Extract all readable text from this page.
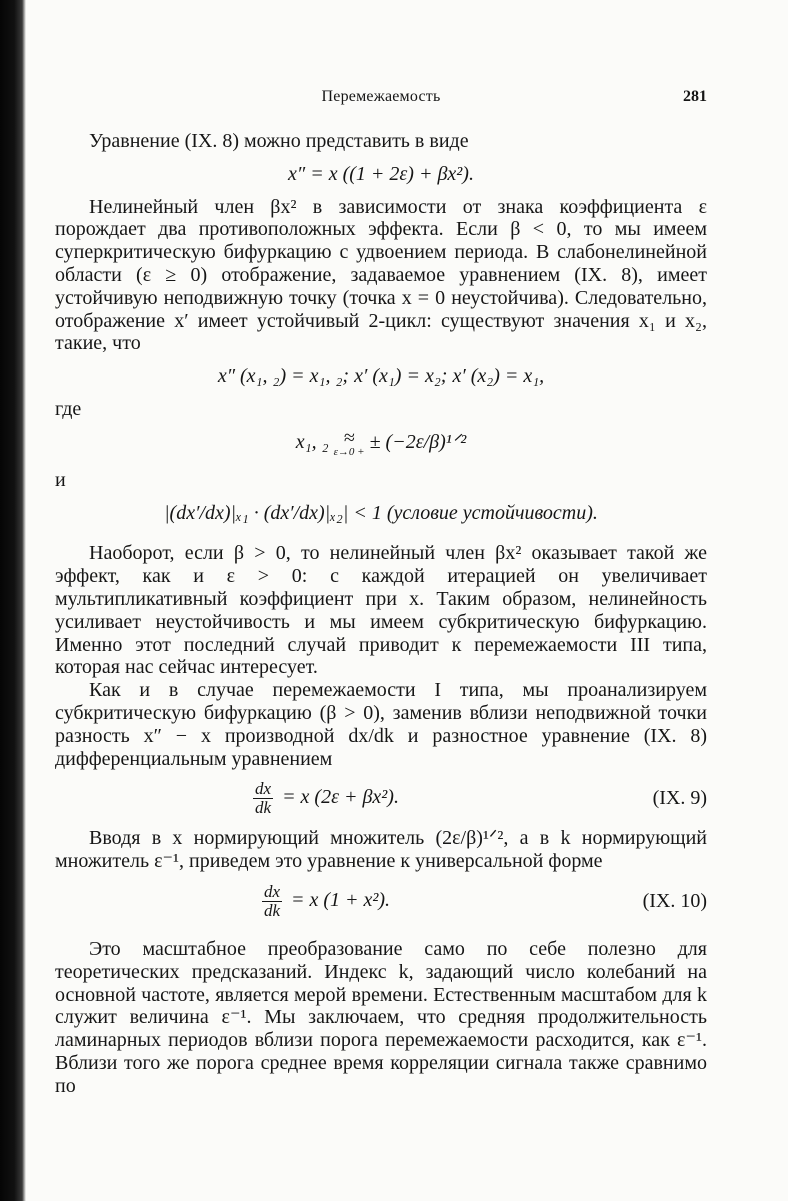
Перемежаемость	281

Уравнение (IX. 8) можно представить в виде

x″ = x ((1 + 2ε) + βx²).

Нелинейный член βx² в зависимости от знака коэффициента ε порождает два противоположных эффекта. Если β < 0, то мы имеем суперкритическую бифуркацию с удвоением периода. В слабонелинейной области (ε ≥ 0) отображение, задаваемое уравнением (IX. 8), имеет устойчивую неподвижную точку (точка x = 0 неустойчива). Следовательно, отображение x′ имеет устойчивый 2-цикл: существуют значения x₁ и x₂, такие, что

x″ (x₁, ₂) = x₁, ₂; x′ (x₁) = x₂; x′ (x₂) = x₁,

где

x₁, ₂ ≈
ε→0 + ± (−2ε/β)¹ᐟ²

и

|(dx′/dx)|ₓ₁ · (dx′/dx)|ₓ₂| < 1 (условие устойчивости).

Наоборот, если β > 0, то нелинейный член βx² оказывает такой же эффект, как и ε > 0: с каждой итерацией он увеличивает мультипликативный коэффициент при x. Таким образом, нелинейность усиливает неустойчивость и мы имеем субкритическую бифуркацию. Именно этот последний случай приводит к перемежаемости III типа, которая нас сейчас интересует.

Как и в случае перемежаемости I типа, мы проанализируем субкритическую бифуркацию (β > 0), заменив вблизи неподвижной точки разность x″ − x производной dx/dk и разностное уравнение (IX. 8) дифференциальным уравнением

$\frac{dx}{dk} = x$ (2ε + βx²).	(IX. 9)

Вводя в x нормирующий множитель (2ε/β)¹ᐟ², а в k нормирующий множитель ε⁻¹, приведем это уравнение к универсальной форме

$\frac{dx}{dk} = x$ (1 + x²).	(IX. 10)

Это масштабное преобразование само по себе полезно для теоретических предсказаний. Индекс k, задающий число колебаний на основной частоте, является мерой времени. Естественным масштабом для k служит величина ε⁻¹. Мы заключаем, что средняя продолжительность ламинарных периодов вблизи порога перемежаемости расходится, как ε⁻¹. Вблизи того же порога среднее время корреляции сигнала также сравнимо по
